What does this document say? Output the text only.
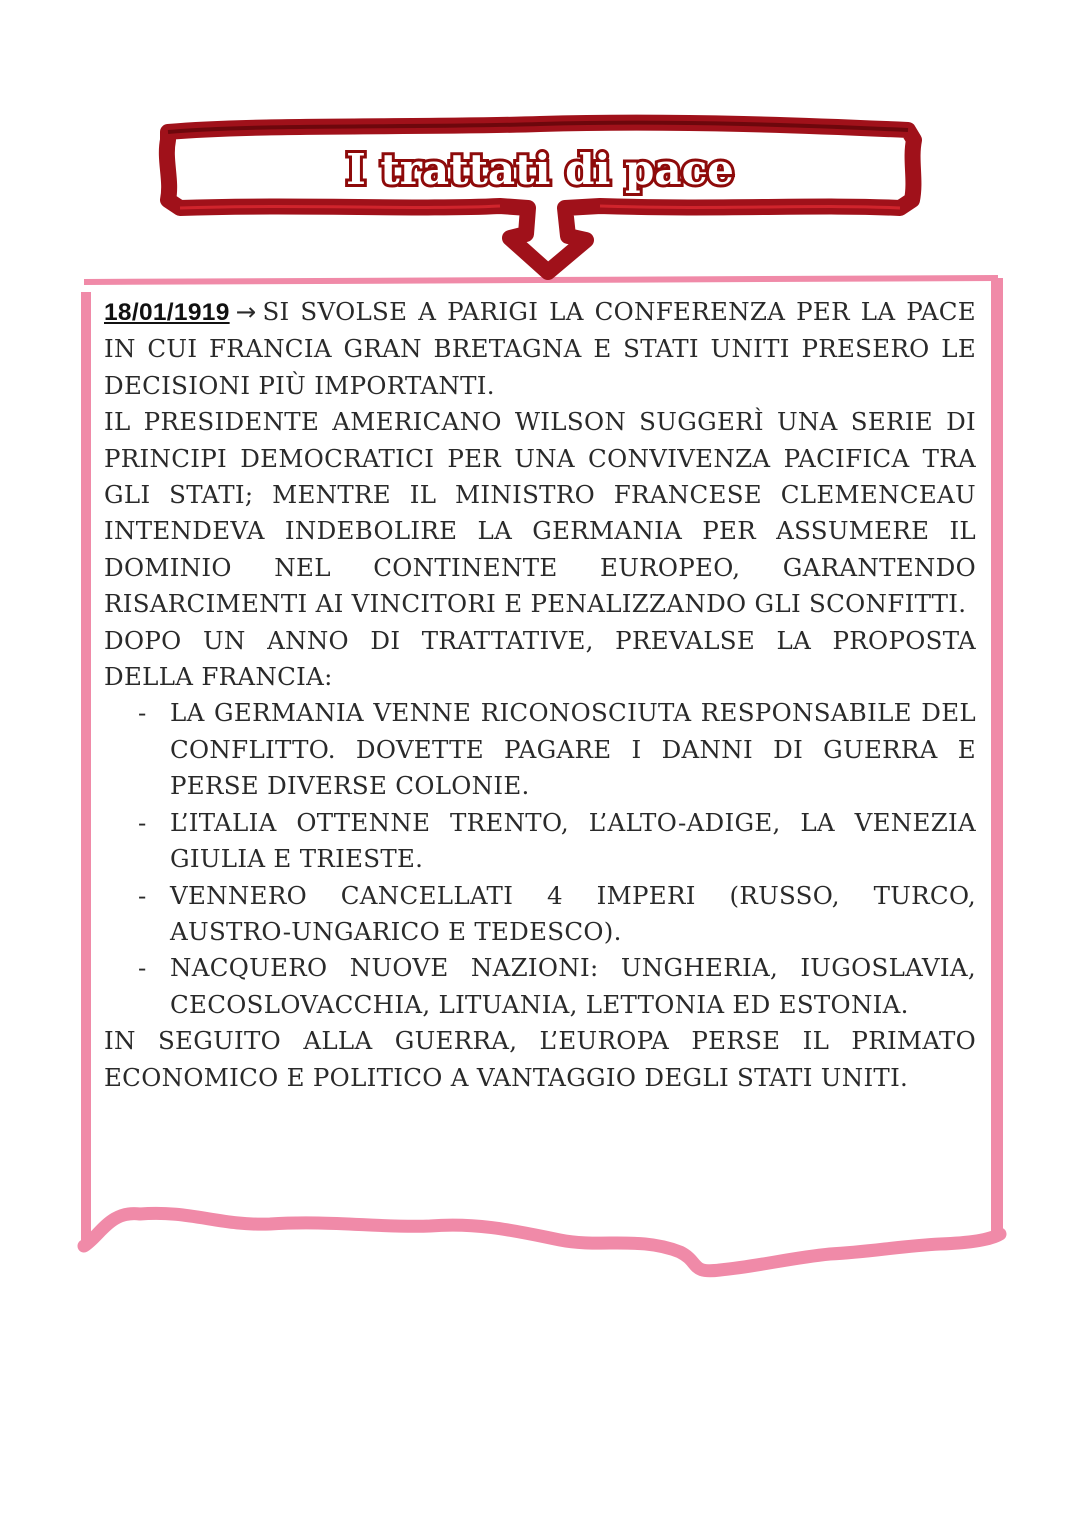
I trattati di pace

18/01/1919 → SI SVOLSE A PARIGI LA CONFERENZA PER LA PACE IN CUI FRANCIA GRAN BRETAGNA E STATI UNITI PRESERO LE DECISIONI PIÙ IMPORTANTI.

IL PRESIDENTE AMERICANO WILSON SUGGERÌ UNA SERIE DI PRINCIPI DEMOCRATICI PER UNA CONVIVENZA PACIFICA TRA GLI STATI; MENTRE IL MINISTRO FRANCESE CLEMENCEAU INTENDEVA INDEBOLIRE LA GERMANIA PER ASSUMERE IL DOMINIO NEL CONTINENTE EUROPEO, GARANTENDO RISARCIMENTI AI VINCITORI E PENALIZZANDO GLI SCONFITTI.

DOPO UN ANNO DI TRATTATIVE, PREVALSE LA PROPOSTA DELLA FRANCIA:

- LA GERMANIA VENNE RICONOSCIUTA RESPONSABILE DEL CONFLITTO. DOVETTE PAGARE I DANNI DI GUERRA E PERSE DIVERSE COLONIE.
- L’ITALIA OTTENNE TRENTO, L’ALTO-ADIGE, LA VENEZIA GIULIA E TRIESTE.
- VENNERO CANCELLATI 4 IMPERI (RUSSO, TURCO, AUSTRO-UNGARICO E TEDESCO).
- NACQUERO NUOVE NAZIONI: UNGHERIA, IUGOSLAVIA, CECOSLOVACCHIA, LITUANIA, LETTONIA ED ESTONIA.

IN SEGUITO ALLA GUERRA, L’EUROPA PERSE IL PRIMATO ECONOMICO E POLITICO A VANTAGGIO DEGLI STATI UNITI.
